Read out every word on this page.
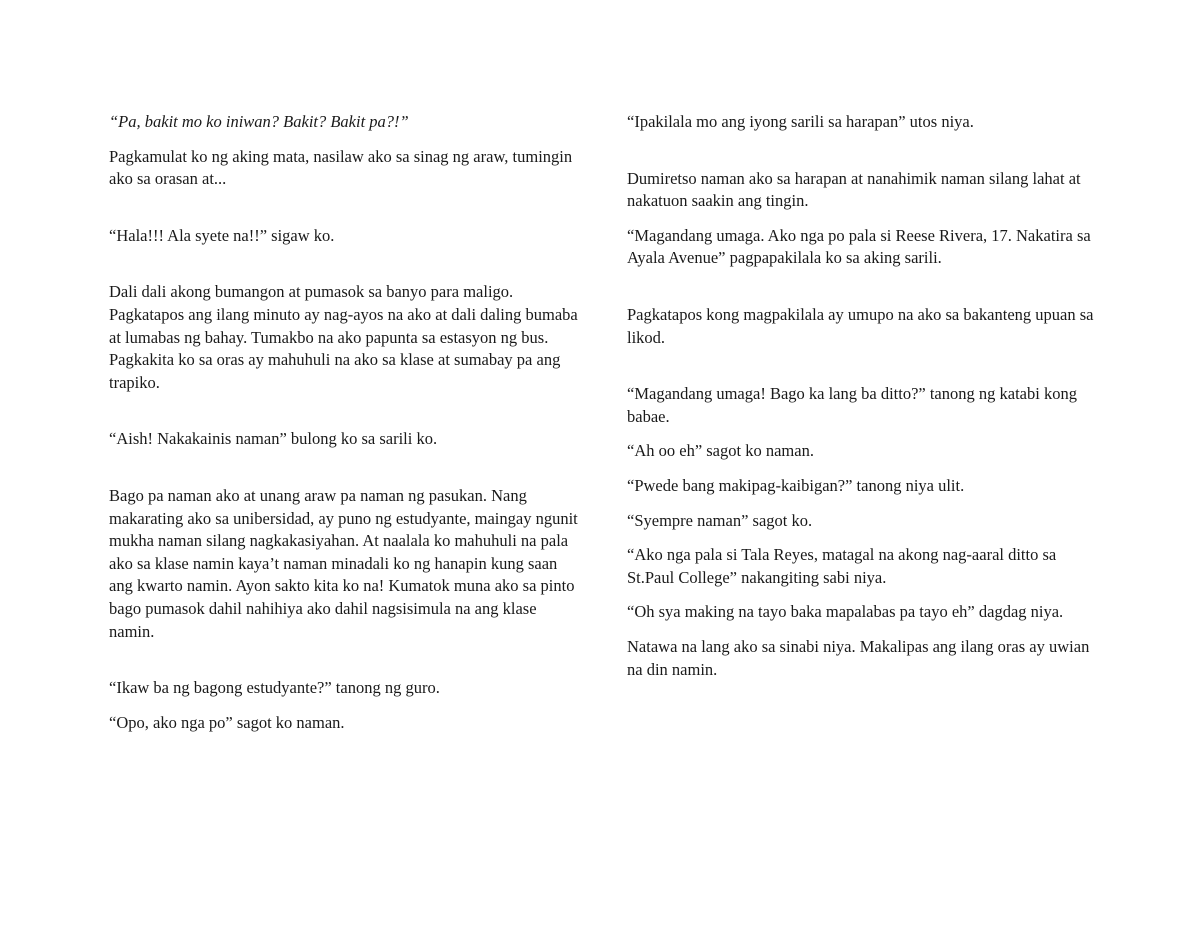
“Pa, bakit mo ko iniwan? Bakit? Bakit pa?!”

Pagkamulat ko ng aking mata, nasilaw ako sa sinag ng araw, tumingin ako sa orasan at...

“Hala!!! Ala syete na!!” sigaw ko.

Dali dali akong bumangon at pumasok sa banyo para maligo. Pagkatapos ang ilang minuto ay nag-ayos na ako at dali daling bumaba at lumabas ng bahay. Tumakbo na ako papunta sa estasyon ng bus. Pagkakita ko sa oras ay mahuhuli na ako sa klase at sumabay pa ang trapiko.

“Aish! Nakakainis naman” bulong ko sa sarili ko.

Bago pa naman ako at unang araw pa naman ng pasukan. Nang makarating ako sa unibersidad, ay puno ng estudyante, maingay ngunit mukha naman silang nagkakasiyahan. At naalala ko mahuhuli na pala ako sa klase namin kaya’t naman minadali ko ng hanapin kung saan ang kwarto namin. Ayon sakto kita ko na! Kumatok muna ako sa pinto bago pumasok dahil nahihiya ako dahil nagsisimula na ang klase namin.

“Ikaw ba ng bagong estudyante?” tanong ng guro.

“Opo, ako nga po” sagot ko naman.

“Ipakilala mo ang iyong sarili sa harapan” utos niya.

Dumiretso naman ako sa harapan at nanahimik naman silang lahat at nakatuon saakin ang tingin.

“Magandang umaga. Ako nga po pala si Reese Rivera, 17. Nakatira sa Ayala Avenue” pagpapakilala ko sa aking sarili.

Pagkatapos kong magpakilala ay umupo na ako sa bakanteng upuan sa likod.

“Magandang umaga! Bago ka lang ba ditto?” tanong ng katabi kong babae.

“Ah oo eh” sagot ko naman.

“Pwede bang makipag-kaibigan?” tanong niya ulit.

“Syempre naman” sagot ko.

“Ako nga pala si Tala Reyes, matagal na akong nag-aaral ditto sa St.Paul College” nakangiting sabi niya.

“Oh sya making na tayo baka mapalabas pa tayo eh” dagdag niya.

Natawa na lang ako sa sinabi niya. Makalipas ang ilang oras ay uwian na din namin.
